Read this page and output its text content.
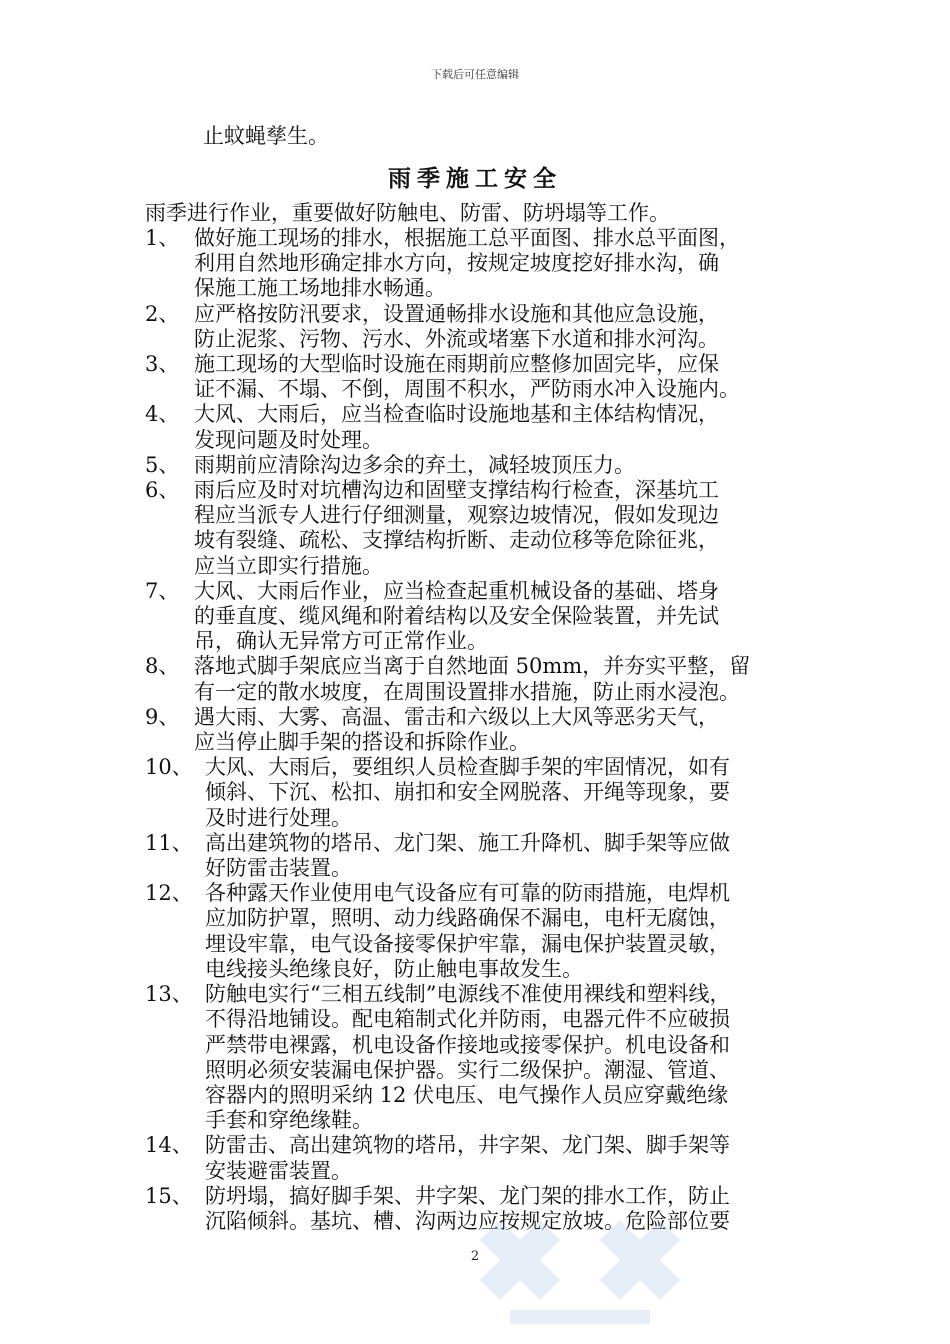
下载后可任意编辑
止蚊蝇孳生。
雨季施工安全
雨季进行作业，重要做好防触电、防雷、防坍塌等工作。
1、 做好施工现场的排水，根据施工总平面图、排水总平面图，
利用自然地形确定排水方向，按规定坡度挖好排水沟，确
保施工施工场地排水畅通。
2、 应严格按防汛要求，设置通畅排水设施和其他应急设施，
防止泥浆、污物、污水、外流或堵塞下水道和排水河沟。
3、 施工现场的大型临时设施在雨期前应整修加固完毕，应保
证不漏、不塌、不倒，周围不积水，严防雨水冲入设施内。
4、 大风、大雨后，应当检查临时设施地基和主体结构情况，
发现问题及时处理。
5、 雨期前应清除沟边多余的弃土，减轻坡顶压力。
6、 雨后应及时对坑槽沟边和固壁支撑结构行检查，深基坑工
程应当派专人进行仔细测量，观察边坡情况，假如发现边
坡有裂缝、疏松、支撑结构折断、走动位移等危除征兆，
应当立即实行措施。
7、 大风、大雨后作业，应当检查起重机械设备的基础、塔身
的垂直度、缆风绳和附着结构以及安全保险装置，并先试
吊，确认无异常方可正常作业。
8、 落地式脚手架底应当离于自然地面 50mm，并夯实平整，留
有一定的散水坡度，在周围设置排水措施，防止雨水浸泡。
9、 遇大雨、大雾、高温、雷击和六级以上大风等恶劣天气，
应当停止脚手架的搭设和拆除作业。
10、 大风、大雨后，要组织人员检查脚手架的牢固情况，如有
倾斜、下沉、松扣、崩扣和安全网脱落、开绳等现象，要
及时进行处理。
11、 高出建筑物的塔吊、龙门架、施工升降机、脚手架等应做
好防雷击装置。
12、 各种露天作业使用电气设备应有可靠的防雨措施，电焊机
应加防护罩，照明、动力线路确保不漏电，电杆无腐蚀，
埋设牢靠，电气设备接零保护牢靠，漏电保护装置灵敏，
电线接头绝缘良好，防止触电事故发生。
13、 防触电实行“三相五线制”电源线不准使用裸线和塑料线，
不得沿地铺设。配电箱制式化并防雨，电器元件不应破损
严禁带电裸露，机电设备作接地或接零保护。机电设备和
照明必须安装漏电保护器。实行二级保护。潮湿、管道、
容器内的照明采纳 12 伏电压、电气操作人员应穿戴绝缘
手套和穿绝缘鞋。
14、 防雷击、高出建筑物的塔吊，井字架、龙门架、脚手架等
安装避雷装置。
15、 防坍塌，搞好脚手架、井字架、龙门架的排水工作，防止
沉陷倾斜。基坑、槽、沟两边应按规定放坡。危险部位要
2
